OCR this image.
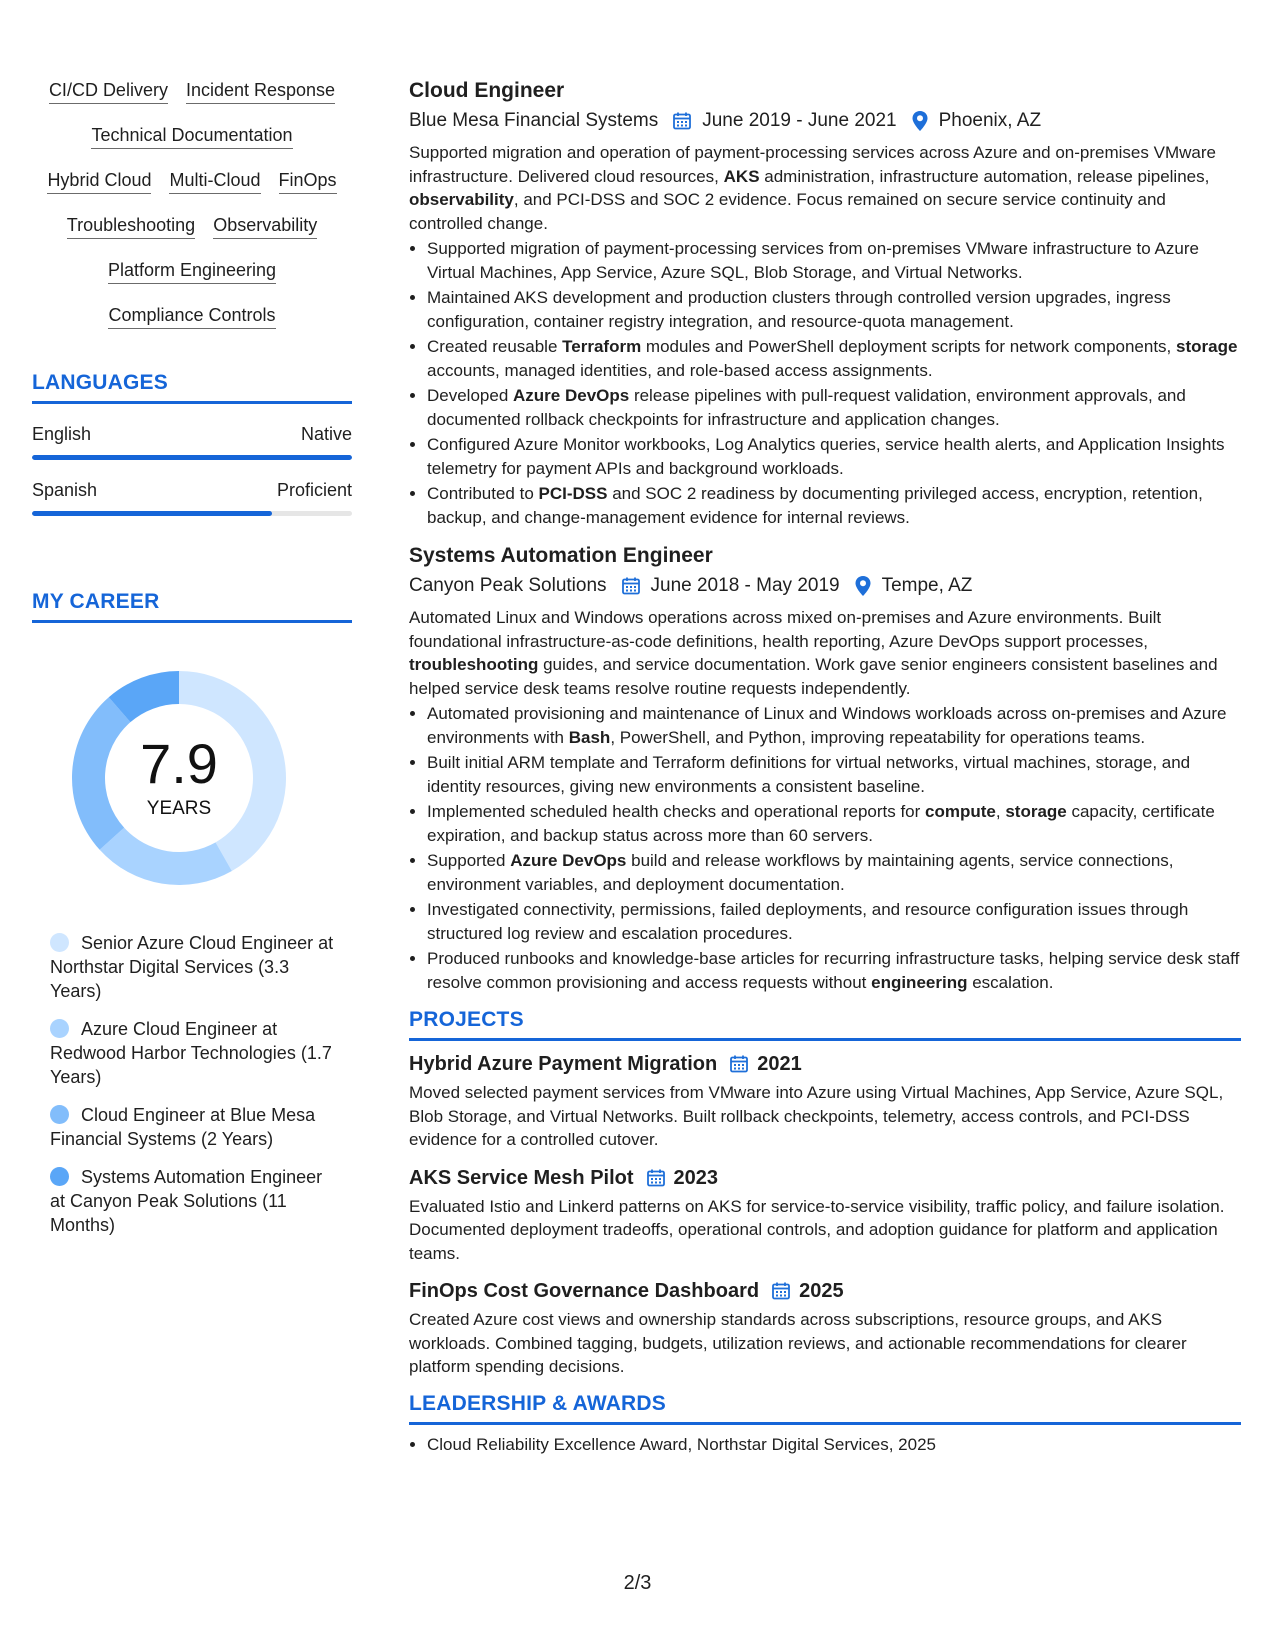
CI/CD Delivery Incident Response
Technical Documentation
Hybrid Cloud Multi-Cloud FinOps
Troubleshooting Observability
Platform Engineering
Compliance Controls
LANGUAGES
English	Native
Spanish	Proficient
MY CAREER
7.9
YEARS
Senior Azure Cloud Engineer at Northstar Digital Services (3.3 Years)
Azure Cloud Engineer at Redwood Harbor Technologies (1.7 Years)
Cloud Engineer at Blue Mesa Financial Systems (2 Years)
Systems Automation Engineer at Canyon Peak Solutions (11 Months)
Cloud Engineer
Blue Mesa Financial Systems June 2019 - June 2021 Phoenix, AZ
Supported migration and operation of payment-processing services across Azure and on-premises VMware infrastructure. Delivered cloud resources, AKS administration, infrastructure automation, release pipelines, observability, and PCI-DSS and SOC 2 evidence. Focus remained on secure service continuity and controlled change.
• Supported migration of payment-processing services from on-premises VMware infrastructure to Azure Virtual Machines, App Service, Azure SQL, Blob Storage, and Virtual Networks.
• Maintained AKS development and production clusters through controlled version upgrades, ingress configuration, container registry integration, and resource-quota management.
• Created reusable Terraform modules and PowerShell deployment scripts for network components, storage accounts, managed identities, and role-based access assignments.
• Developed Azure DevOps release pipelines with pull-request validation, environment approvals, and documented rollback checkpoints for infrastructure and application changes.
• Configured Azure Monitor workbooks, Log Analytics queries, service health alerts, and Application Insights telemetry for payment APIs and background workloads.
• Contributed to PCI-DSS and SOC 2 readiness by documenting privileged access, encryption, retention, backup, and change-management evidence for internal reviews.
Systems Automation Engineer
Canyon Peak Solutions June 2018 - May 2019 Tempe, AZ
Automated Linux and Windows operations across mixed on-premises and Azure environments. Built foundational infrastructure-as-code definitions, health reporting, Azure DevOps support processes, troubleshooting guides, and service documentation. Work gave senior engineers consistent baselines and helped service desk teams resolve routine requests independently.
• Automated provisioning and maintenance of Linux and Windows workloads across on-premises and Azure environments with Bash, PowerShell, and Python, improving repeatability for operations teams.
• Built initial ARM template and Terraform definitions for virtual networks, virtual machines, storage, and identity resources, giving new environments a consistent baseline.
• Implemented scheduled health checks and operational reports for compute, storage capacity, certificate expiration, and backup status across more than 60 servers.
• Supported Azure DevOps build and release workflows by maintaining agents, service connections, environment variables, and deployment documentation.
• Investigated connectivity, permissions, failed deployments, and resource configuration issues through structured log review and escalation procedures.
• Produced runbooks and knowledge-base articles for recurring infrastructure tasks, helping service desk staff resolve common provisioning and access requests without engineering escalation.
PROJECTS
Hybrid Azure Payment Migration 2021
Moved selected payment services from VMware into Azure using Virtual Machines, App Service, Azure SQL, Blob Storage, and Virtual Networks. Built rollback checkpoints, telemetry, access controls, and PCI-DSS evidence for a controlled cutover.
AKS Service Mesh Pilot 2023
Evaluated Istio and Linkerd patterns on AKS for service-to-service visibility, traffic policy, and failure isolation. Documented deployment tradeoffs, operational controls, and adoption guidance for platform and application teams.
FinOps Cost Governance Dashboard 2025
Created Azure cost views and ownership standards across subscriptions, resource groups, and AKS workloads. Combined tagging, budgets, utilization reviews, and actionable recommendations for clearer platform spending decisions.
LEADERSHIP & AWARDS
• Cloud Reliability Excellence Award, Northstar Digital Services, 2025
2/3
